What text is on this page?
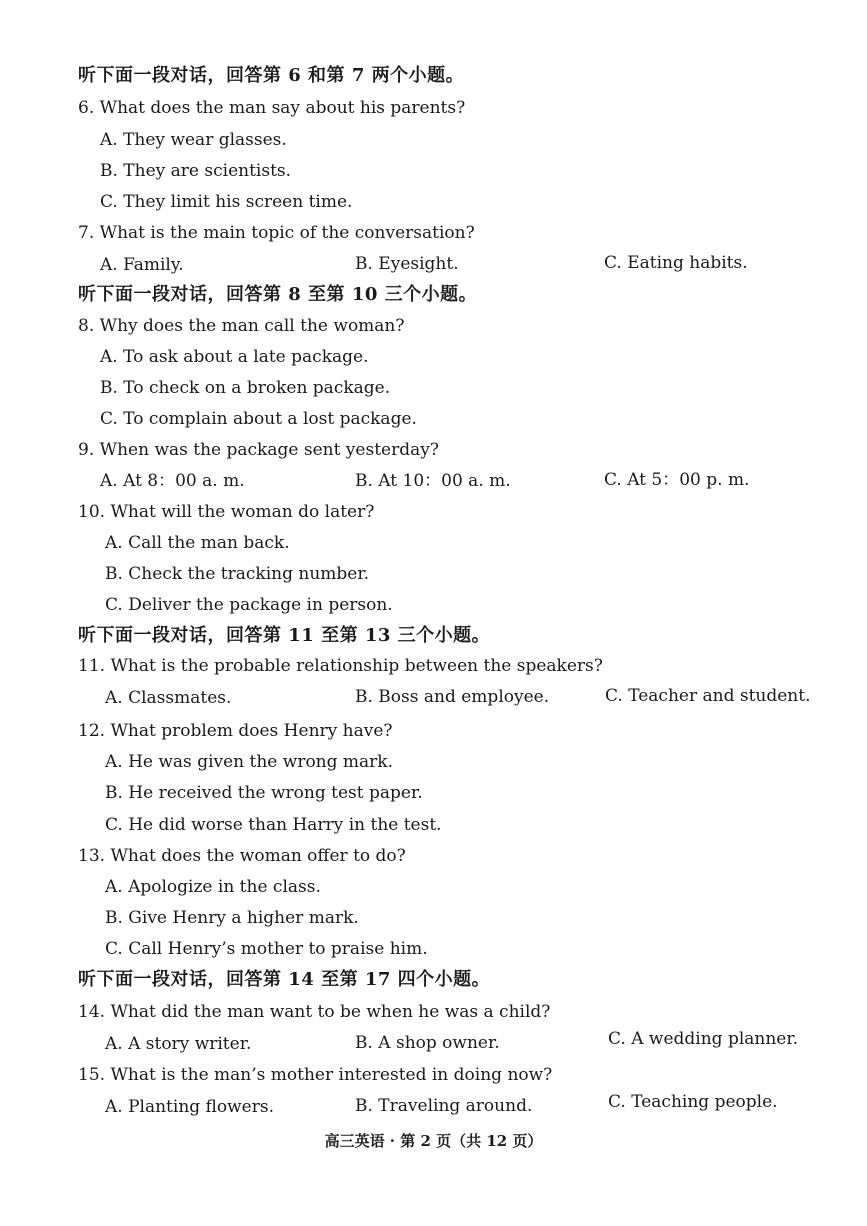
听下面一段对话，回答第 6 和第 7 两个小题。
6. What does the man say about his parents?
A. They wear glasses.
B. They are scientists.
C. They limit his screen time.
7. What is the main topic of the conversation?
A. Family.	B. Eyesight.	C. Eating habits.
听下面一段对话，回答第 8 至第 10 三个小题。
8. Why does the man call the woman?
A. To ask about a late package.
B. To check on a broken package.
C. To complain about a lost package.
9. When was the package sent yesterday?
A. At 8：00 a. m.	B. At 10：00 a. m.	C. At 5：00 p. m.
10. What will the woman do later?
A. Call the man back.
B. Check the tracking number.
C. Deliver the package in person.
听下面一段对话，回答第 11 至第 13 三个小题。
11. What is the probable relationship between the speakers?
A. Classmates.	B. Boss and employee.	C. Teacher and student.
12. What problem does Henry have?
A. He was given the wrong mark.
B. He received the wrong test paper.
C. He did worse than Harry in the test.
13. What does the woman offer to do?
A. Apologize in the class.
B. Give Henry a higher mark.
C. Call Henry’s mother to praise him.
听下面一段对话，回答第 14 至第 17 四个小题。
14. What did the man want to be when he was a child?
A. A story writer.	B. A shop owner.	C. A wedding planner.
15. What is the man’s mother interested in doing now?
A. Planting flowers.	B. Traveling around.	C. Teaching people.
高三英语 · 第 2 页（共 12 页）
